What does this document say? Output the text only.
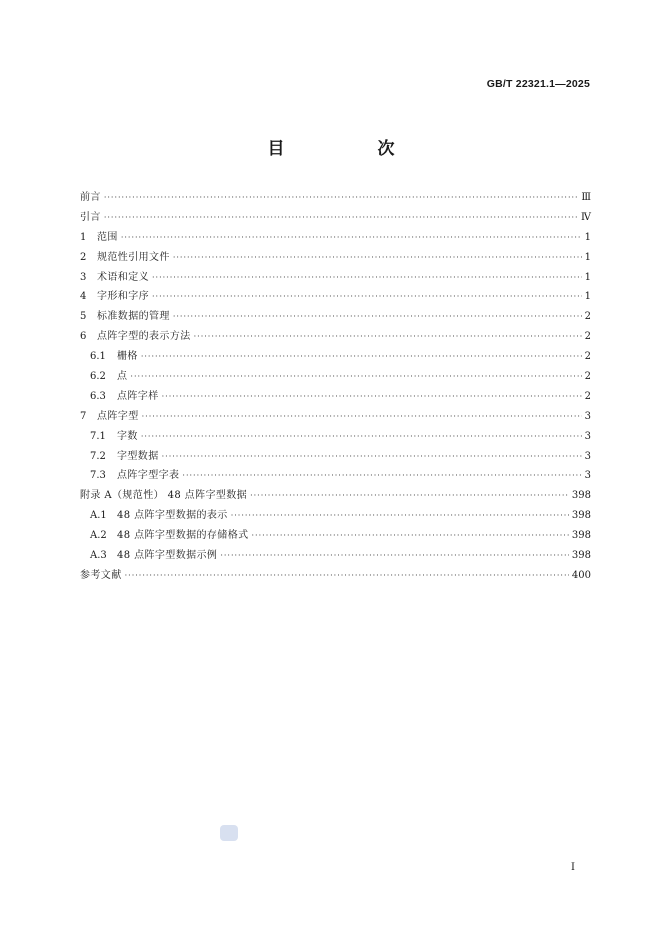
GB/T 22321.1—2025
目　次
前言 ·····	Ⅲ
引言 ·····	Ⅳ
1	范围 ·····	1
2	规范性引用文件 ·····	1
3	术语和定义 ·····	1
4	字形和字序 ·····	1
5	标准数据的管理 ·····	2
6	点阵字型的表示方法 ·····	2
6.1	栅格 ·····	2
6.2	点 ·····	2
6.3	点阵字样 ·····	2
7	点阵字型 ·····	3
7.1	字数 ·····	3
7.2	字型数据 ·····	3
7.3	点阵字型字表 ·····	3
附录 A（规范性） 48 点阵字型数据 ·····	398
A.1	48 点阵字型数据的表示 ·····	398
A.2	48 点阵字型数据的存储格式 ·····	398
A.3	48 点阵字型数据示例 ·····	398
参考文献 ·····	400
I
